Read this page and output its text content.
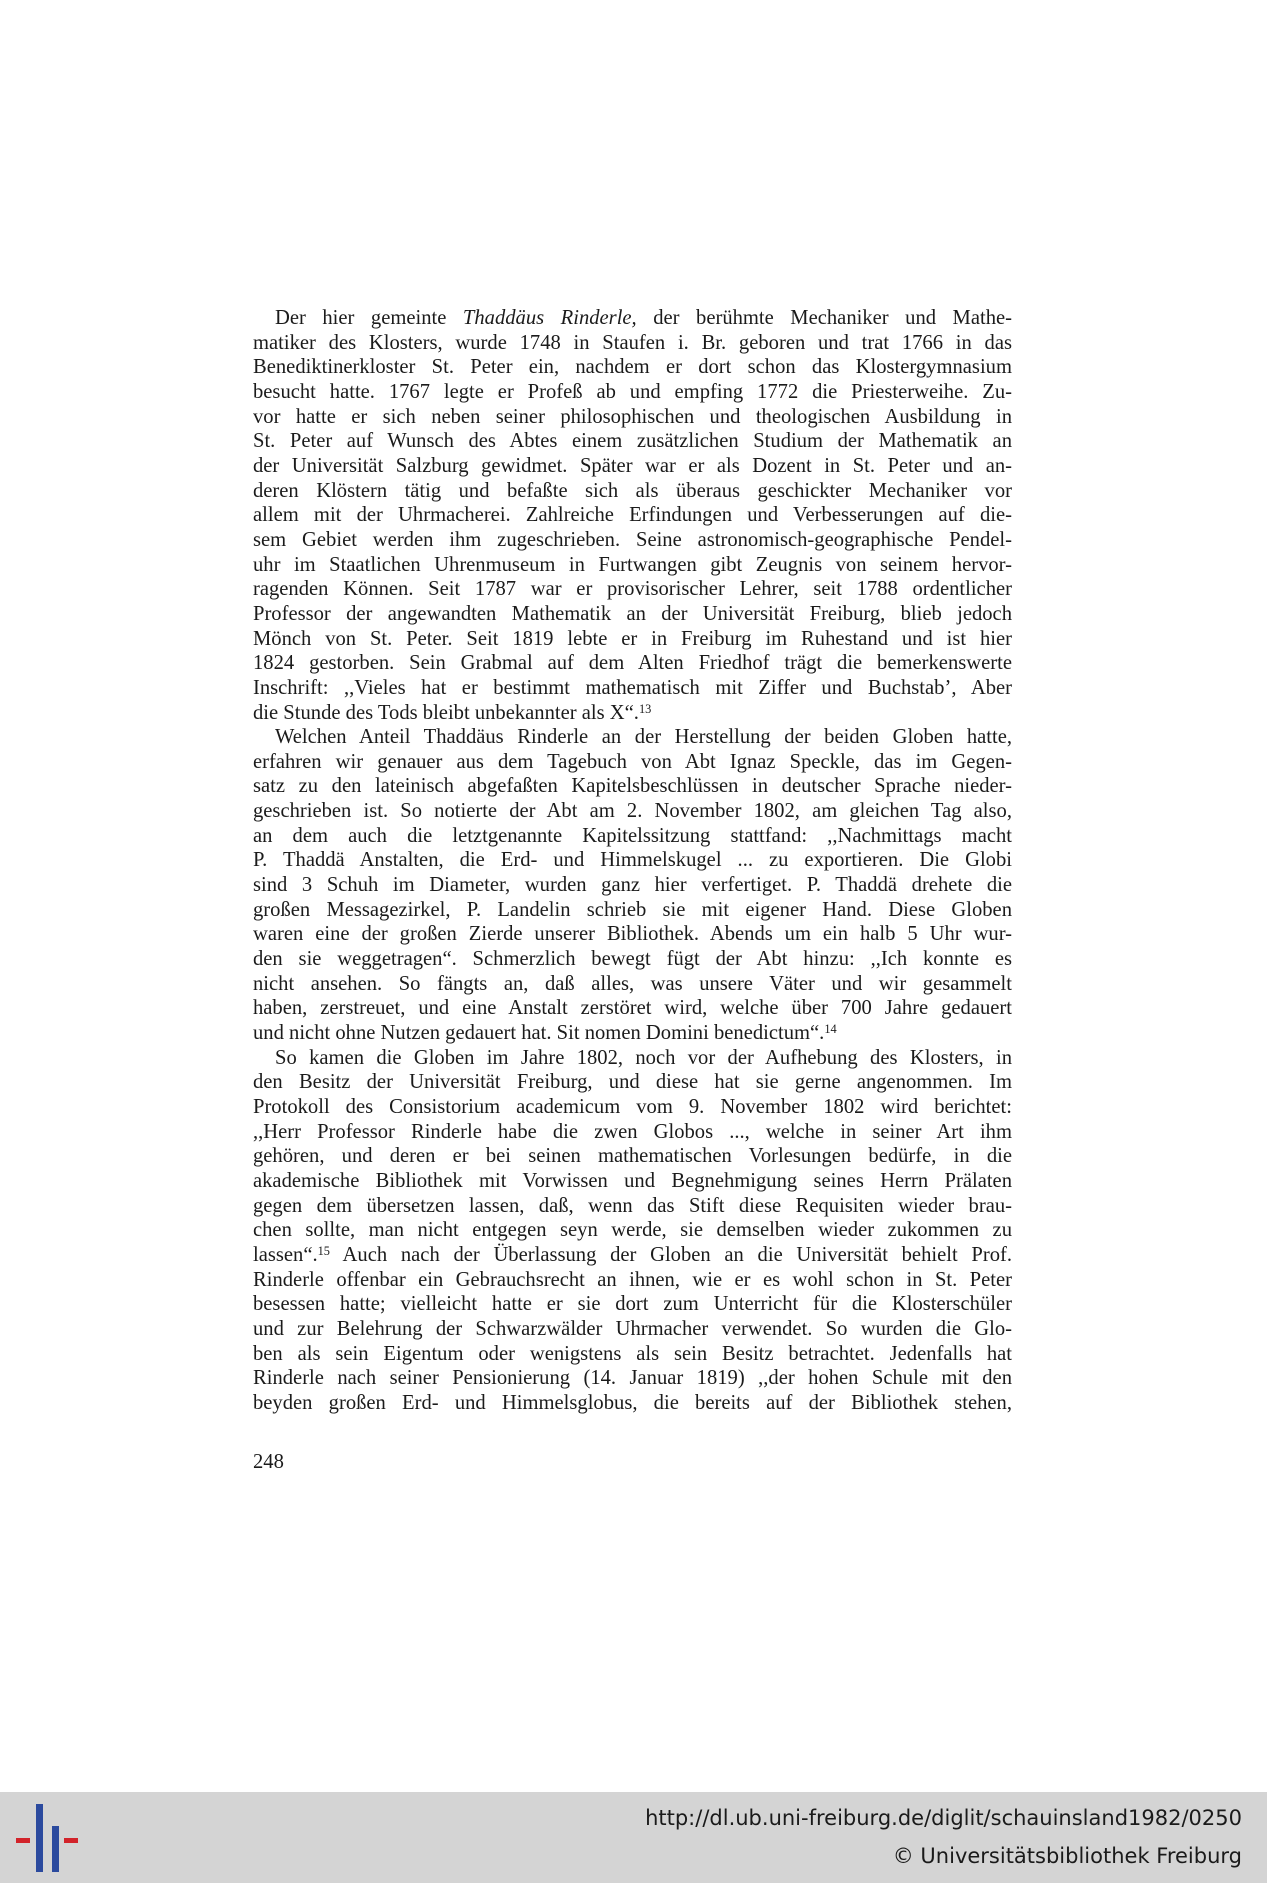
Der hier gemeinte Thaddäus Rinderle, der berühmte Mechaniker und Mathe-
matiker des Klosters, wurde 1748 in Staufen i. Br. geboren und trat 1766 in das
Benediktinerkloster St. Peter ein, nachdem er dort schon das Klostergymnasium
besucht hatte. 1767 legte er Profeß ab und empfing 1772 die Priesterweihe. Zu-
vor hatte er sich neben seiner philosophischen und theologischen Ausbildung in
St. Peter auf Wunsch des Abtes einem zusätzlichen Studium der Mathematik an
der Universität Salzburg gewidmet. Später war er als Dozent in St. Peter und an-
deren Klöstern tätig und befaßte sich als überaus geschickter Mechaniker vor
allem mit der Uhrmacherei. Zahlreiche Erfindungen und Verbesserungen auf die-
sem Gebiet werden ihm zugeschrieben. Seine astronomisch-geographische Pendel-
uhr im Staatlichen Uhrenmuseum in Furtwangen gibt Zeugnis von seinem hervor-
ragenden Können. Seit 1787 war er provisorischer Lehrer, seit 1788 ordentlicher
Professor der angewandten Mathematik an der Universität Freiburg, blieb jedoch
Mönch von St. Peter. Seit 1819 lebte er in Freiburg im Ruhestand und ist hier
1824 gestorben. Sein Grabmal auf dem Alten Friedhof trägt die bemerkenswerte
Inschrift: ,,Vieles hat er bestimmt mathematisch mit Ziffer und Buchstab’, Aber
die Stunde des Tods bleibt unbekannter als X“.$^{13}$
Welchen Anteil Thaddäus Rinderle an der Herstellung der beiden Globen hatte,
erfahren wir genauer aus dem Tagebuch von Abt Ignaz Speckle, das im Gegen-
satz zu den lateinisch abgefaßten Kapitelsbeschlüssen in deutscher Sprache nieder-
geschrieben ist. So notierte der Abt am 2. November 1802, am gleichen Tag also,
an dem auch die letztgenannte Kapitelssitzung stattfand: ,,Nachmittags macht
P. Thaddä Anstalten, die Erd- und Himmelskugel ... zu exportieren. Die Globi
sind 3 Schuh im Diameter, wurden ganz hier verfertiget. P. Thaddä drehete die
großen Messagezirkel, P. Landelin schrieb sie mit eigener Hand. Diese Globen
waren eine der großen Zierde unserer Bibliothek. Abends um ein halb 5 Uhr wur-
den sie weggetragen“. Schmerzlich bewegt fügt der Abt hinzu: ,,Ich konnte es
nicht ansehen. So fängts an, daß alles, was unsere Väter und wir gesammelt
haben, zerstreuet, und eine Anstalt zerstöret wird, welche über 700 Jahre gedauert
und nicht ohne Nutzen gedauert hat. Sit nomen Domini benedictum“.$^{14}$
So kamen die Globen im Jahre 1802, noch vor der Aufhebung des Klosters, in
den Besitz der Universität Freiburg, und diese hat sie gerne angenommen. Im
Protokoll des Consistorium academicum vom 9. November 1802 wird berichtet:
,,Herr Professor Rinderle habe die zwen Globos ..., welche in seiner Art ihm
gehören, und deren er bei seinen mathematischen Vorlesungen bedürfe, in die
akademische Bibliothek mit Vorwissen und Begnehmigung seines Herrn Prälaten
gegen dem übersetzen lassen, daß, wenn das Stift diese Requisiten wieder brau-
chen sollte, man nicht entgegen seyn werde, sie demselben wieder zukommen zu
lassen“.$^{15}$ Auch nach der Überlassung der Globen an die Universität behielt Prof.
Rinderle offenbar ein Gebrauchsrecht an ihnen, wie er es wohl schon in St. Peter
besessen hatte; vielleicht hatte er sie dort zum Unterricht für die Klosterschüler
und zur Belehrung der Schwarzwälder Uhrmacher verwendet. So wurden die Glo-
ben als sein Eigentum oder wenigstens als sein Besitz betrachtet. Jedenfalls hat
Rinderle nach seiner Pensionierung (14. Januar 1819) ,,der hohen Schule mit den
beyden großen Erd- und Himmelsglobus, die bereits auf der Bibliothek stehen,
248
http://dl.ub.uni-freiburg.de/diglit/schauinsland1982/0250
© Universitätsbibliothek Freiburg
